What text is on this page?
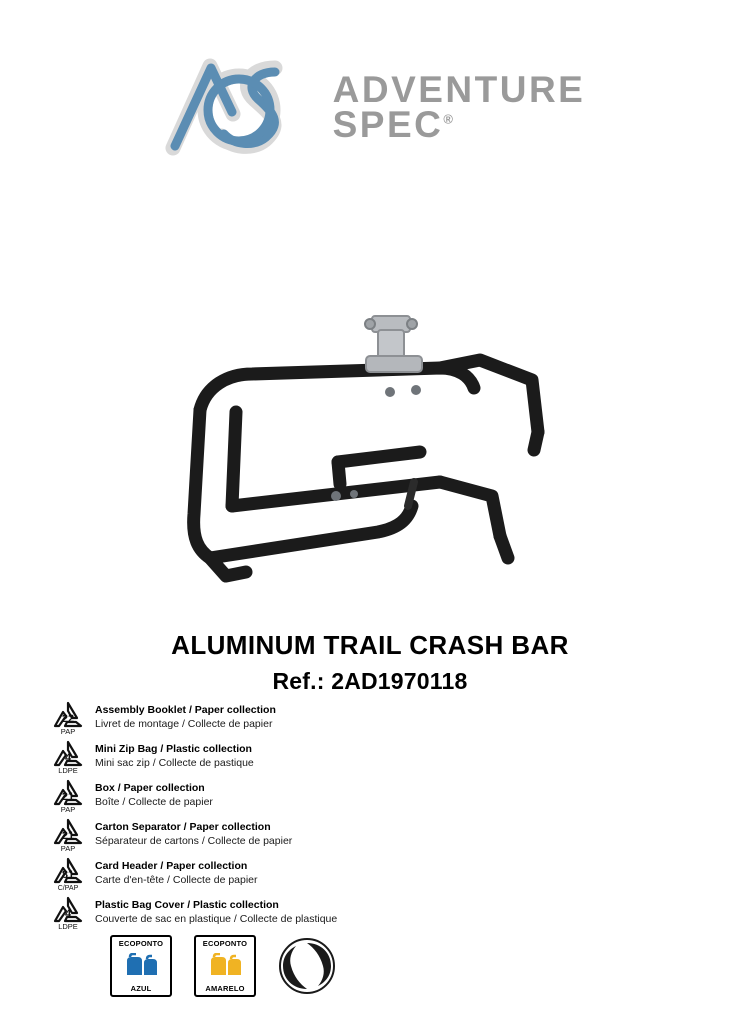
ADVENTURE
SPEC®
ALUMINUM TRAIL CRASH BAR
Ref.: 2AD1970118
22
PAP
Assembly Booklet / Paper collection
Livret de montage / Collecte de papier
4
LDPE
Mini Zip Bag / Plastic collection
Mini sac zip / Collecte de pastique
21
PAP
Box / Paper collection
Boîte / Collecte de papier
21
PAP
Carton Separator / Paper collection
Séparateur de cartons / Collecte de papier
81
C/PAP
Card Header / Paper collection
Carte d'en-tête / Collecte de papier
4
LDPE
Plastic Bag Cover / Plastic collection
Couverte de sac en plastique / Collecte de plastique
ECOPONTO
AZUL
ECOPONTO
AMARELO
